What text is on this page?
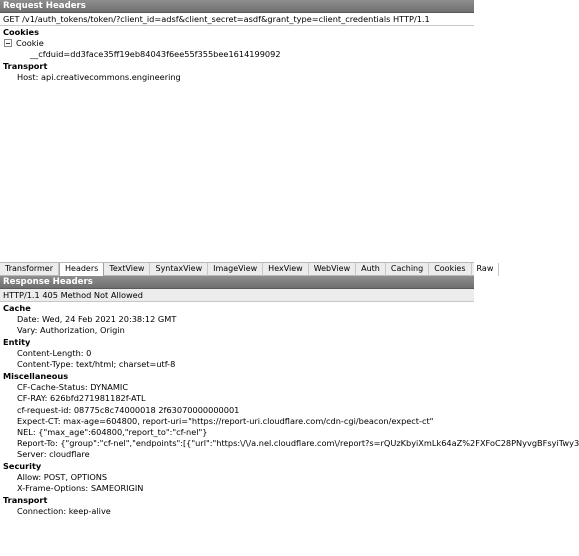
Request Headers
GET /v1/auth_tokens/token/?client_id=adsf&client_secret=asdf&grant_type=client_credentials HTTP/1.1
Cookies
Cookie
__cfduid=dd3face35ff19eb84043f6ee55f355bee1614199092
Transport
Host: api.creativecommons.engineering
Transformer	Headers	TextView	SyntaxView	ImageView	HexView	WebView	Auth	Caching	Cookies	Raw
Response Headers
HTTP/1.1 405 Method Not Allowed
Cache
Date: Wed, 24 Feb 2021 20:38:12 GMT
Vary: Authorization, Origin
Entity
Content-Length: 0
Content-Type: text/html; charset=utf-8
Miscellaneous
CF-Cache-Status: DYNAMIC
CF-RAY: 626bfd271981182f-ATL
cf-request-id: 08775c8c74000018 2f63070000000001
Expect-CT: max-age=604800, report-uri="https://report-uri.cloudflare.com/cdn-cgi/beacon/expect-ct"
NEL: {"max_age":604800,"report_to":"cf-nel"}
Report-To: {"group":"cf-nel","endpoints":[{"url":"https:\/\/a.nel.cloudflare.com\/report?s=rQUzKbyiXmLk64aZ%2FXFoC28PNyvgBFsyiTwy3
Server: cloudflare
Security
Allow: POST, OPTIONS
X-Frame-Options: SAMEORIGIN
Transport
Connection: keep-alive
